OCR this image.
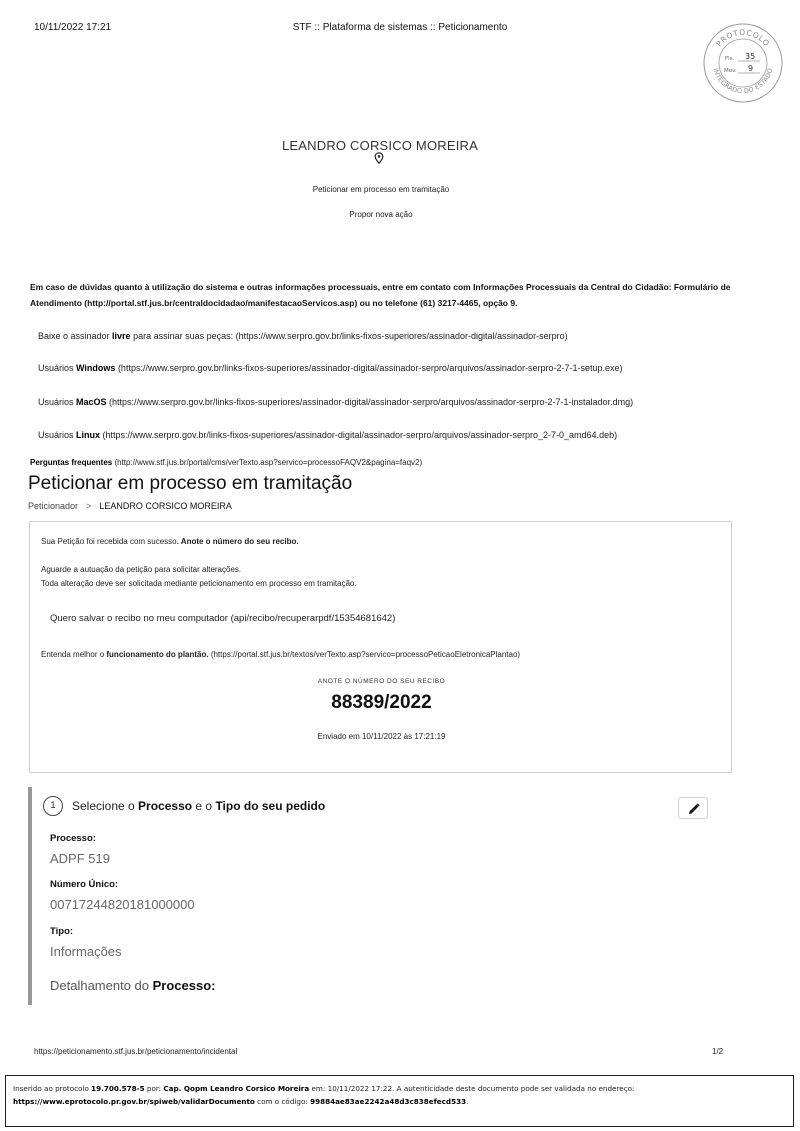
10/11/2022 17:21	STF :: Plataforma de sistemas :: Peticionamento
PROTOCOLO
INTEGRADO DO ESTADO
Fls. 35
Mov. 9
LEANDRO CORSICO MOREIRA
Peticionar em processo em tramitação
Propor nova ação
Em caso de dúvidas quanto à utilização do sistema e outras informações processuais, entre em contato com Informações Processuais da Central do Cidadão: Formulário de Atendimento (http://portal.stf.jus.br/centraldocidadao/manifestacaoServicos.asp) ou no telefone (61) 3217-4465, opção 9.
Baixe o assinador livre para assinar suas peças: (https://www.serpro.gov.br/links-fixos-superiores/assinador-digital/assinador-serpro)
Usuários Windows (https://www.serpro.gov.br/links-fixos-superiores/assinador-digital/assinador-serpro/arquivos/assinador-serpro-2-7-1-setup.exe)
Usuários MacOS (https://www.serpro.gov.br/links-fixos-superiores/assinador-digital/assinador-serpro/arquivos/assinador-serpro-2-7-1-instalador.dmg)
Usuários Linux (https://www.serpro.gov.br/links-fixos-superiores/assinador-digital/assinador-serpro/arquivos/assinador-serpro_2-7-0_amd64.deb)
Perguntas frequentes (http://www.stf.jus.br/portal/cms/verTexto.asp?servico=processoFAQV2&pagina=faqv2)
Peticionar em processo em tramitação
Peticionador > LEANDRO CORSICO MOREIRA
Sua Petição foi recebida com sucesso. Anote o número do seu recibo.
Aguarde a autuação da petição para solicitar alterações.
Toda alteração deve ser solicitada mediante peticionamento em processo em tramitação.
Quero salvar o recibo no meu computador (api/recibo/recuperarpdf/15354681642)
Entenda melhor o funcionamento do plantão. (https://portal.stf.jus.br/textos/verTexto.asp?servico=processoPeticaoEletronicaPlantao)
ANOTE O NÚMERO DO SEU RECIBO
88389/2022
Enviado em 10/11/2022 às 17:21:19
1	Selecione o Processo e o Tipo do seu pedido
Processo:
ADPF 519
Número Único:
00717244820181000000
Tipo:
Informações
Detalhamento do Processo:
https://peticionamento.stf.jus.br/peticionamento/incidental	1/2
Inserido ao protocolo 19.700.578-5 por: Cap. Qopm Leandro Corsico Moreira em: 10/11/2022 17:22. A autenticidade deste documento pode ser validada no endereço: https://www.eprotocolo.pr.gov.br/spiweb/validarDocumento com o código: 99884ae83ae2242a48d3c838efecd533.
